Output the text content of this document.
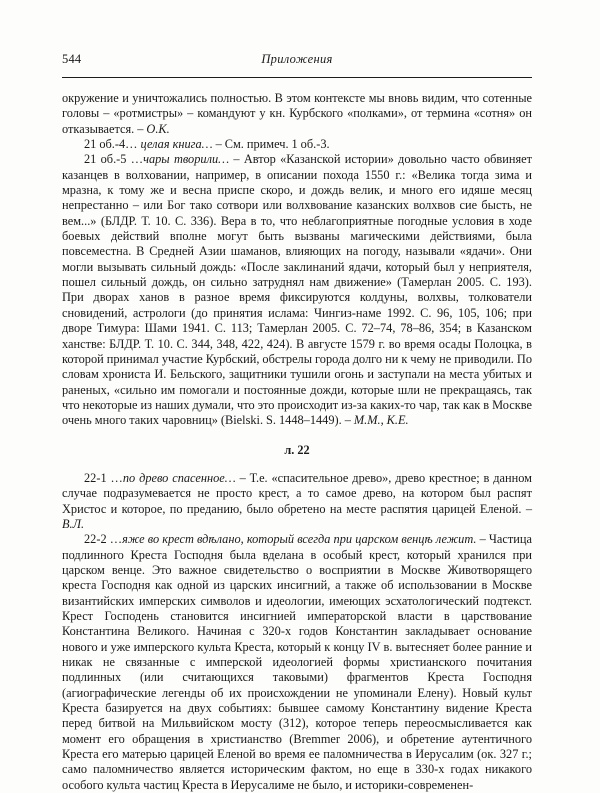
544	Приложения

окружение и уничтожались полностью. В этом контексте мы вновь видим, что сотенные головы – «ротмистры» – командуют у кн. Курбского «полками», от термина «сотня» он отказывается. – О.К.

21 об.-4… целая книга… – См. примеч. 1 об.-3.

21 об.-5 …чары творили… – Автор «Казанской истории» довольно часто обвиняет казанцев в волховании, например, в описании похода 1550 г.: «Велика тогда зима и мразна, к тому же и весна приспе скоро, и дождь велик, и много его идяше месяц непрестанно – или Бог тако сотвори или волхвование казанских волхвов сие бысть, не вем...» (БЛДР. Т. 10. С. 336). Вера в то, что неблагоприятные погодные условия в ходе боевых действий вполне могут быть вызваны магическими действиями, была повсеместна. В Средней Азии шаманов, влияющих на погоду, называли «ядачи». Они могли вызывать сильный дождь: «После заклинаний ядачи, который был у неприятеля, пошел сильный дождь, он сильно затруднял нам движение» (Тамерлан 2005. С. 193). При дворах ханов в разное время фиксируются колдуны, волхвы, толкователи сновидений, астрологи (до принятия ислама: Чингиз-наме 1992. С. 96, 105, 106; при дворе Тимура: Шами 1941. С. 113; Тамерлан 2005. С. 72–74, 78–86, 354; в Казанском ханстве: БЛДР. Т. 10. С. 344, 348, 422, 424). В августе 1579 г. во время осады Полоцка, в которой принимал участие Курбский, обстрелы города долго ни к чему не приводили. По словам хрониста И. Бельского, защитники тушили огонь и заступали на места убитых и раненых, «сильно им помогали и постоянные дожди, которые шли не прекращаясь, так что некоторые из наших думали, что это происходит из-за каких-то чар, так как в Москве очень много таких чаровниц» (Bielski. S. 1448–1449). – М.М., К.Е.

л. 22

22-1 …по древо спасенное… – Т.е. «спасительное древо», древо крестное; в данном случае подразумевается не просто крест, а то самое древо, на котором был распят Христос и которое, по преданию, было обретено на месте распятия царицей Еленой. – В.Л.

22-2 …яже во крест вдѣлано, который всегда при царском венцѣ лежит. – Частица подлинного Креста Господня была вделана в особый крест, который хранился при царском венце. Это важное свидетельство о восприятии в Москве Животворящего креста Господня как одной из царских инсигний, а также об использовании в Москве византийских имперских символов и идеологии, имеющих эсхатологический подтекст. Крест Господень становится инсигнией императорской власти в царствование Константина Великого. Начиная с 320-х годов Константин закладывает основание нового и уже имперского культа Креста, который к концу IV в. вытесняет более ранние и никак не связанные с имперской идеологией формы христианского почитания подлинных (или считающихся таковыми) фрагментов Креста Господня (агиографические легенды об их происхождении не упоминали Елену). Новый культ Креста базируется на двух событиях: бывшее самому Константину видение Креста перед битвой на Мильвийском мосту (312), которое теперь переосмысливается как момент его обращения в христианство (Bremmer 2006), и обретение аутентичного Креста его матерью царицей Еленой во время ее паломничества в Иерусалим (ок. 327 г.; само паломничество является историческим фактом, но еще в 330-х годах никакого особого культа частиц Креста в Иерусалиме не было, и историки-современен-
